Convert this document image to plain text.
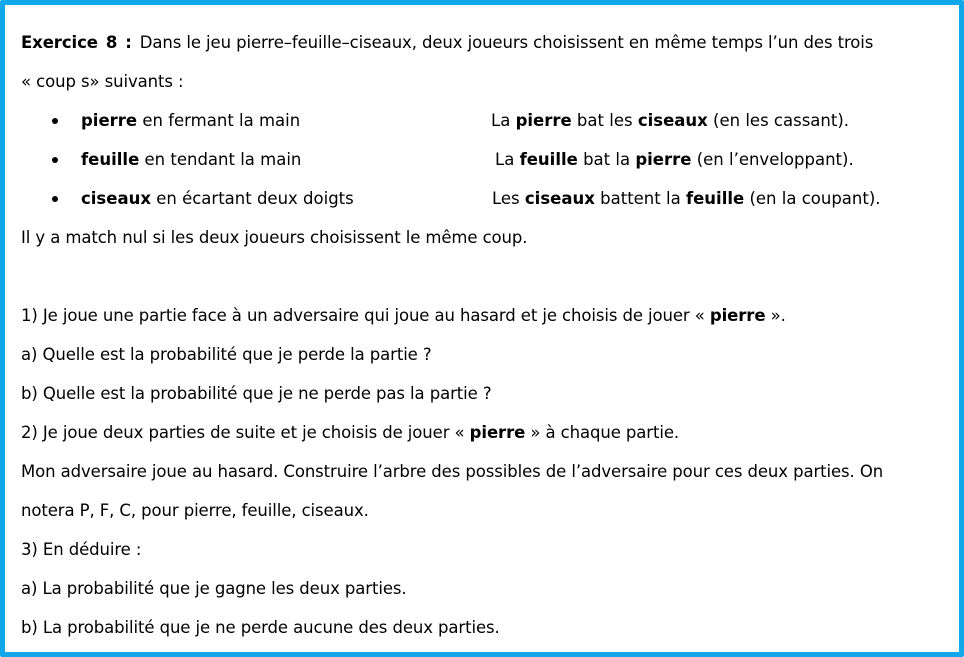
Exercice 8 : Dans le jeu pierre–feuille–ciseaux, deux joueurs choisissent en même temps l’un des trois
« coup s» suivants :
pierre en fermant la main	La pierre bat les ciseaux (en les cassant).
feuille en tendant la main	La feuille bat la pierre (en l’enveloppant).
ciseaux en écartant deux doigts	Les ciseaux battent la feuille (en la coupant).
Il y a match nul si les deux joueurs choisissent le même coup.
1) Je joue une partie face à un adversaire qui joue au hasard et je choisis de jouer « pierre ».
a) Quelle est la probabilité que je perde la partie ?
b) Quelle est la probabilité que je ne perde pas la partie ?
2) Je joue deux parties de suite et je choisis de jouer « pierre » à chaque partie.
Mon adversaire joue au hasard. Construire l’arbre des possibles de l’adversaire pour ces deux parties. On
notera P, F, C, pour pierre, feuille, ciseaux.
3) En déduire :
a) La probabilité que je gagne les deux parties.
b) La probabilité que je ne perde aucune des deux parties.
